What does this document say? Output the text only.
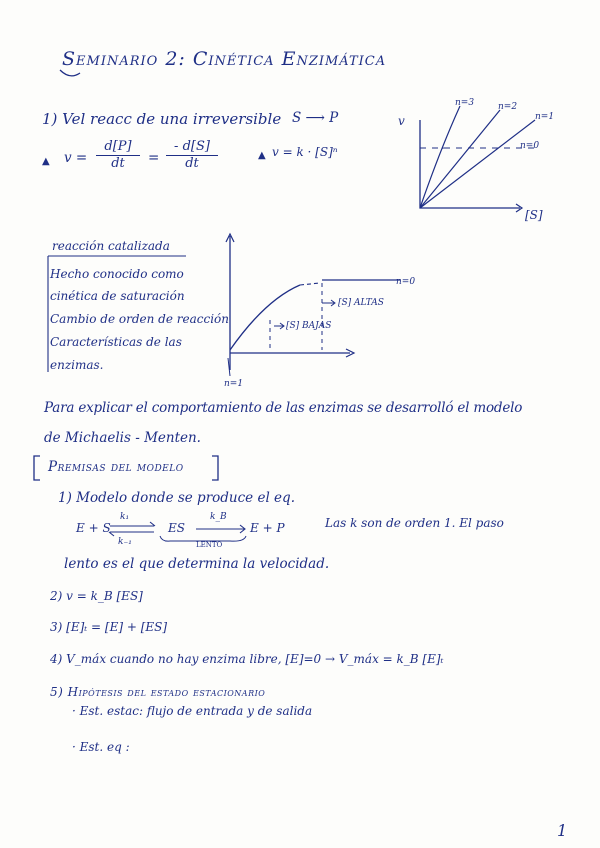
Seminario 2: Cinética Enzimática
1) Vel reacc de una irreversible S ⟶ P
▲ v =
d[P]
dt	=
- d[S]
dt
▲ v = k · [S]ⁿ
v
[S]
n=3	n=2
n=1
n=0
reacción catalizada
Hecho conocido como
cinética de saturación
Cambio de orden de reacción
Características de las
enzimas.
n=0
n=1
[S] ALTAS
[S] BAJAS
Para explicar el comportamiento de las enzimas se desarrolló el modelo
de Michaelis - Menten.
Premisas del modelo
1) Modelo donde se produce el eq.
E + S
k₁
k₋₁
ES
k_B
E + P
LENTO
Las k son de orden 1. El paso
lento es el que determina la velocidad.
2) v = k_B [ES]
3) [E]ₜ = [E] + [ES]
4) V_máx cuando no hay enzima libre, [E]=0 → V_máx = k_B [E]ₜ
5) Hipótesis del estado estacionario
· Est. estac: flujo de entrada y de salida
· Est. eq :
1
